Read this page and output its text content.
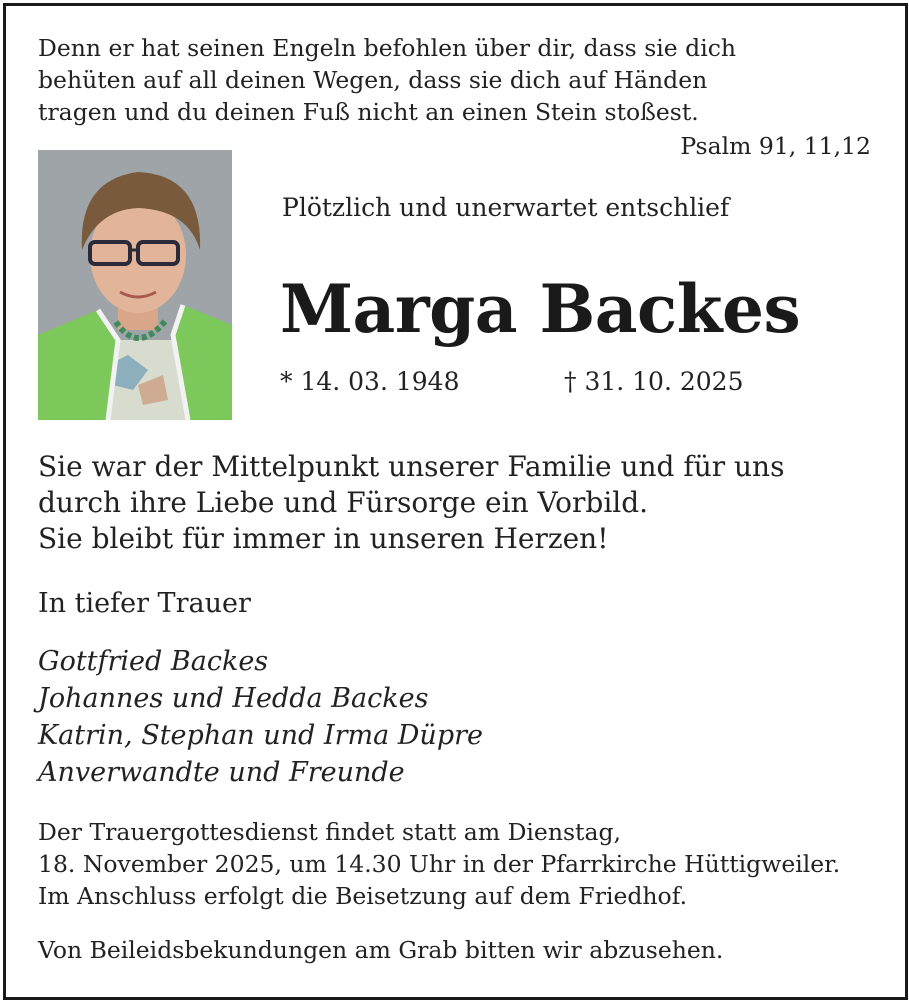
Denn er hat seinen Engeln befohlen über dir, dass sie dich
behüten auf all deinen Wegen, dass sie dich auf Händen
tragen und du deinen Fuß nicht an einen Stein stoßest.
Psalm 91, 11,12
Plötzlich und unerwartet entschlief
Marga Backes
* 14. 03. 1948	† 31. 10. 2025
Sie war der Mittelpunkt unserer Familie und für uns
durch ihre Liebe und Fürsorge ein Vorbild.
Sie bleibt für immer in unseren Herzen!
In tiefer Trauer
Gottfried Backes
Johannes und Hedda Backes
Katrin, Stephan und Irma Düpre
Anverwandte und Freunde
Der Trauergottesdienst findet statt am Dienstag,
18. November 2025, um 14.30 Uhr in der Pfarrkirche Hüttigweiler.
Im Anschluss erfolgt die Beisetzung auf dem Friedhof.
Von Beileidsbekundungen am Grab bitten wir abzusehen.
